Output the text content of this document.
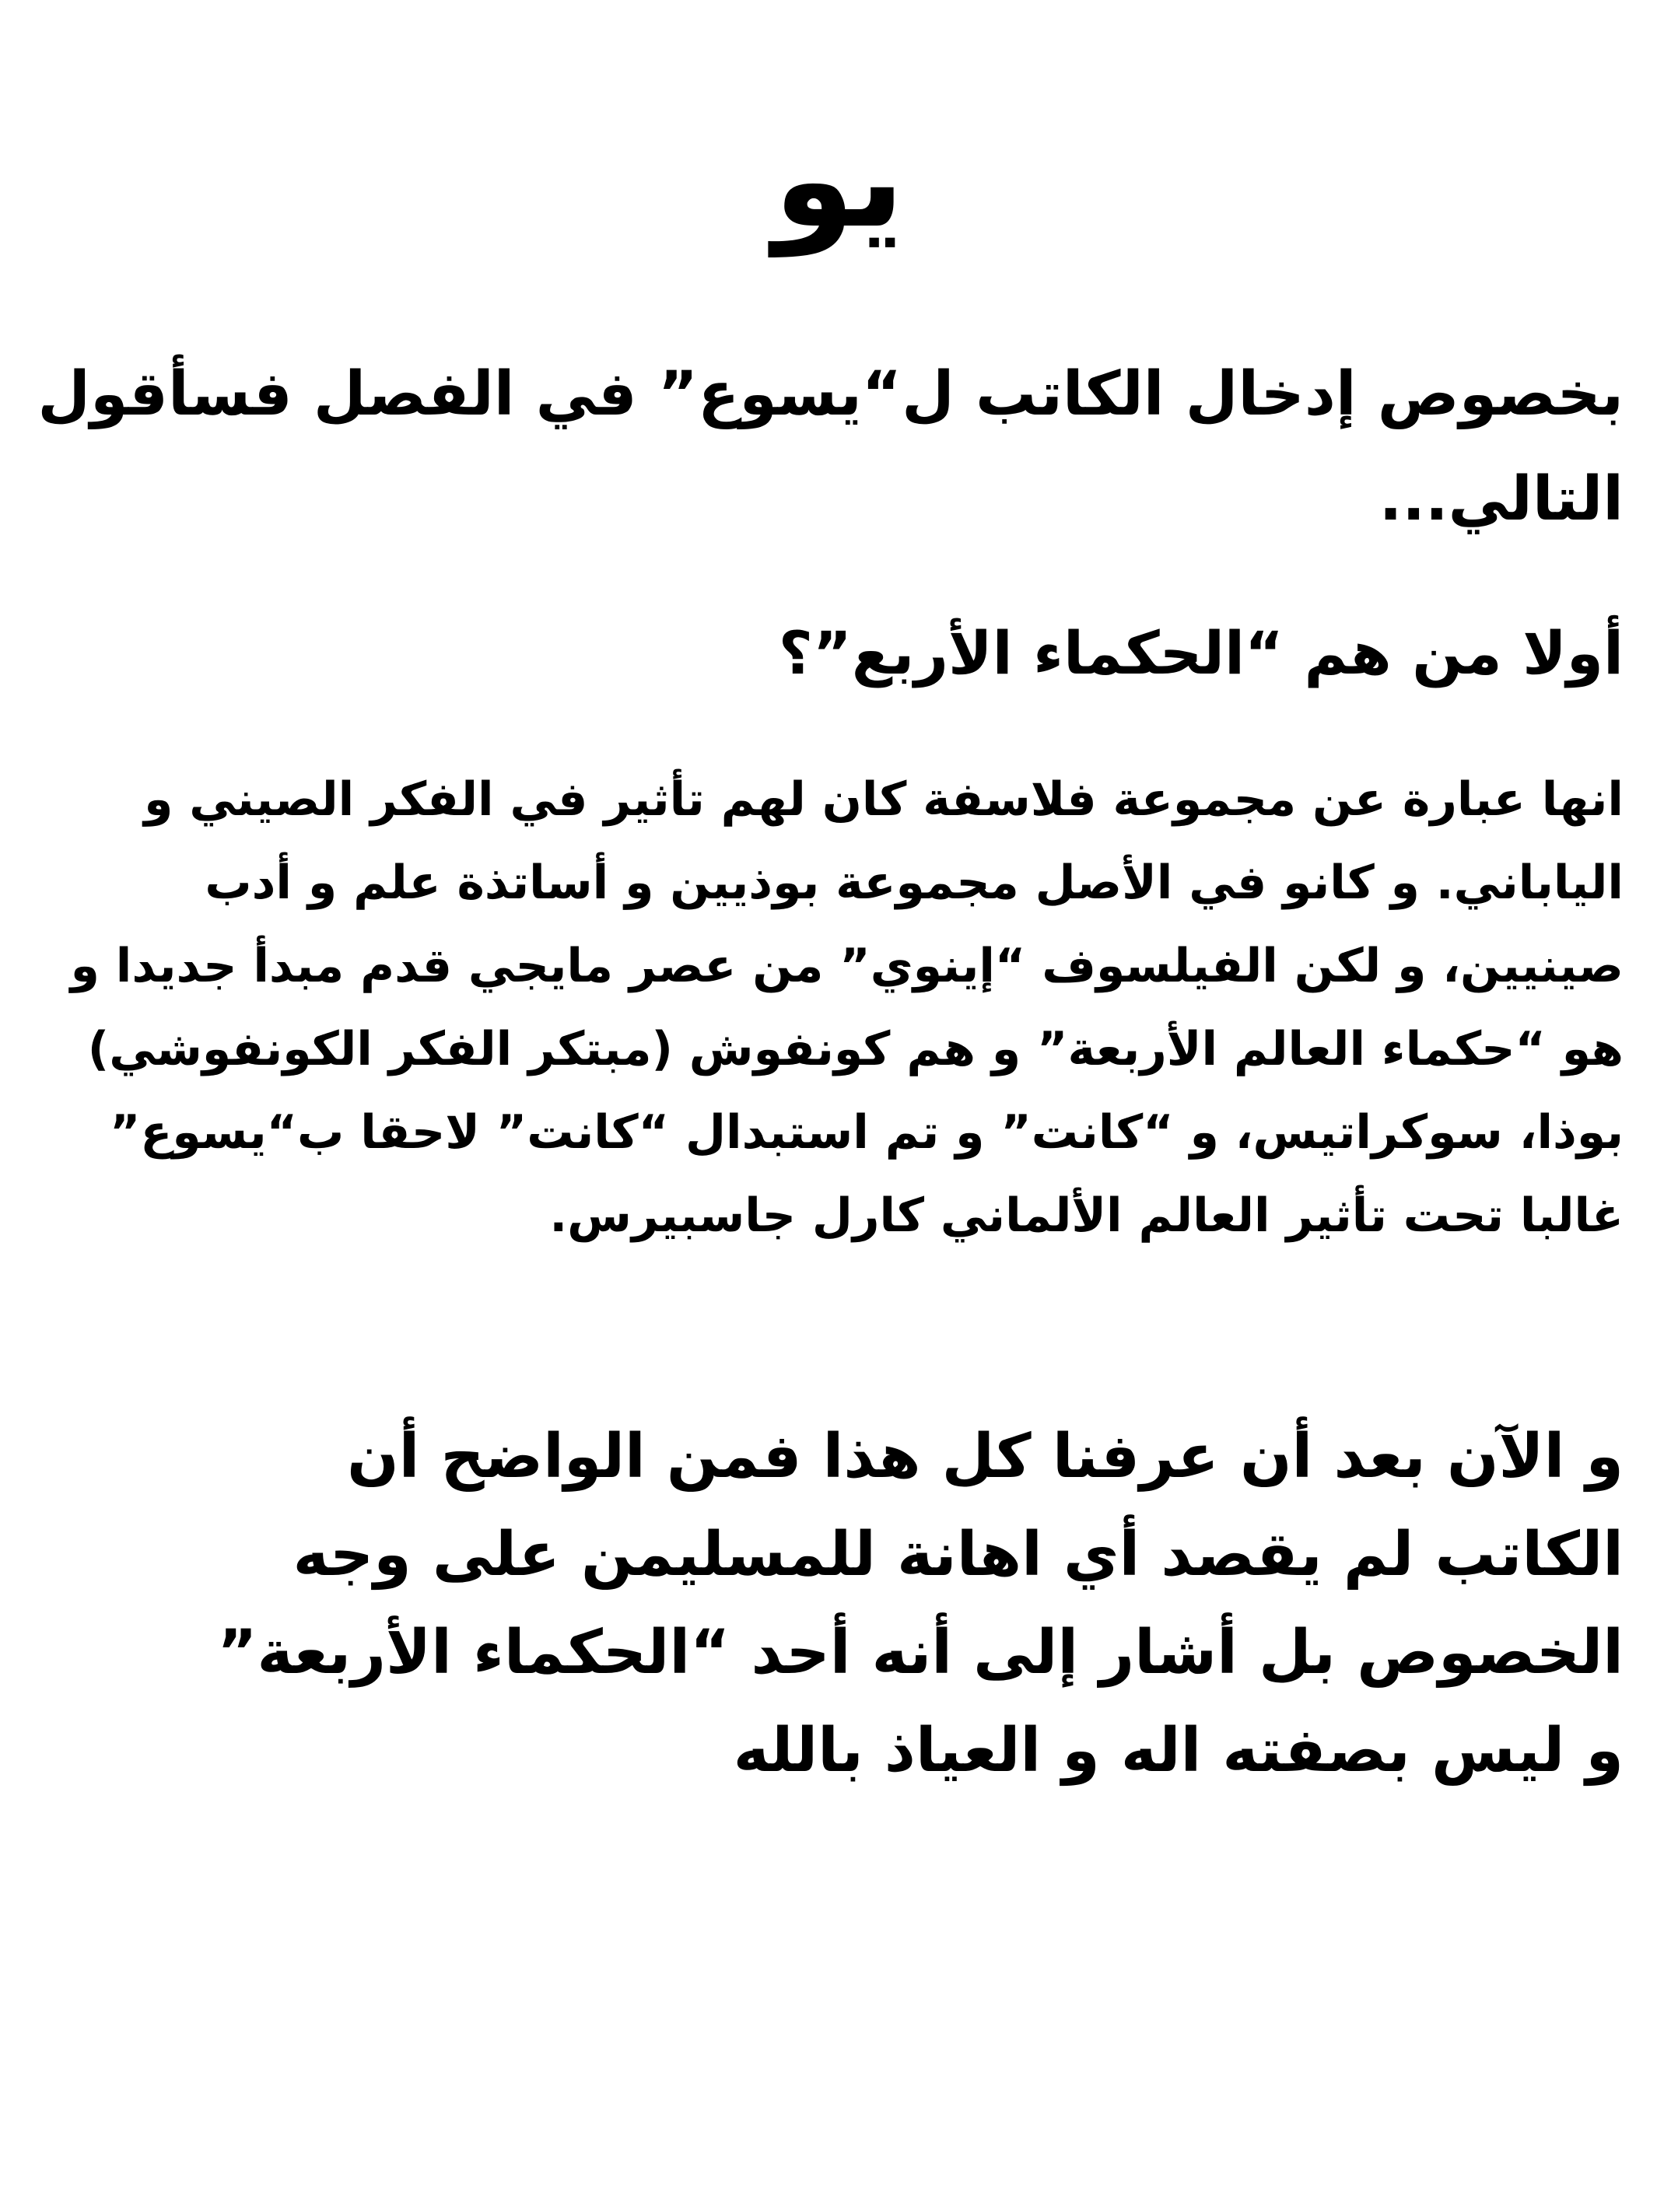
يو

بخصوص إدخال الكاتب ل“يسوع” في الفصل فسأقول
التالي...

أولا من هم “الحكماء الأربع”؟

انها عبارة عن مجموعة فلاسفة كان لهم تأثير في الفكر الصيني و
الياباني. و كانو في الأصل مجموعة بوذيين و أساتذة علم و أدب
صينيين، و لكن الفيلسوف “إينوي” من عصر مايجي قدم مبدأ جديدا و
هو “حكماء العالم الأربعة” و هم كونفوش (مبتكر الفكر الكونفوشي)
بوذا، سوكراتيس، و “كانت” و تم استبدال “كانت” لاحقا ب“يسوع”
غالبا تحت تأثير العالم الألماني كارل جاسبيرس.

و الآن بعد أن عرفنا كل هذا فمن الواضح أن
الكاتب لم يقصد أي اهانة للمسليمن على وجه
الخصوص بل أشار إلى أنه أحد “الحكماء الأربعة”
و ليس بصفته اله و العياذ بالله
